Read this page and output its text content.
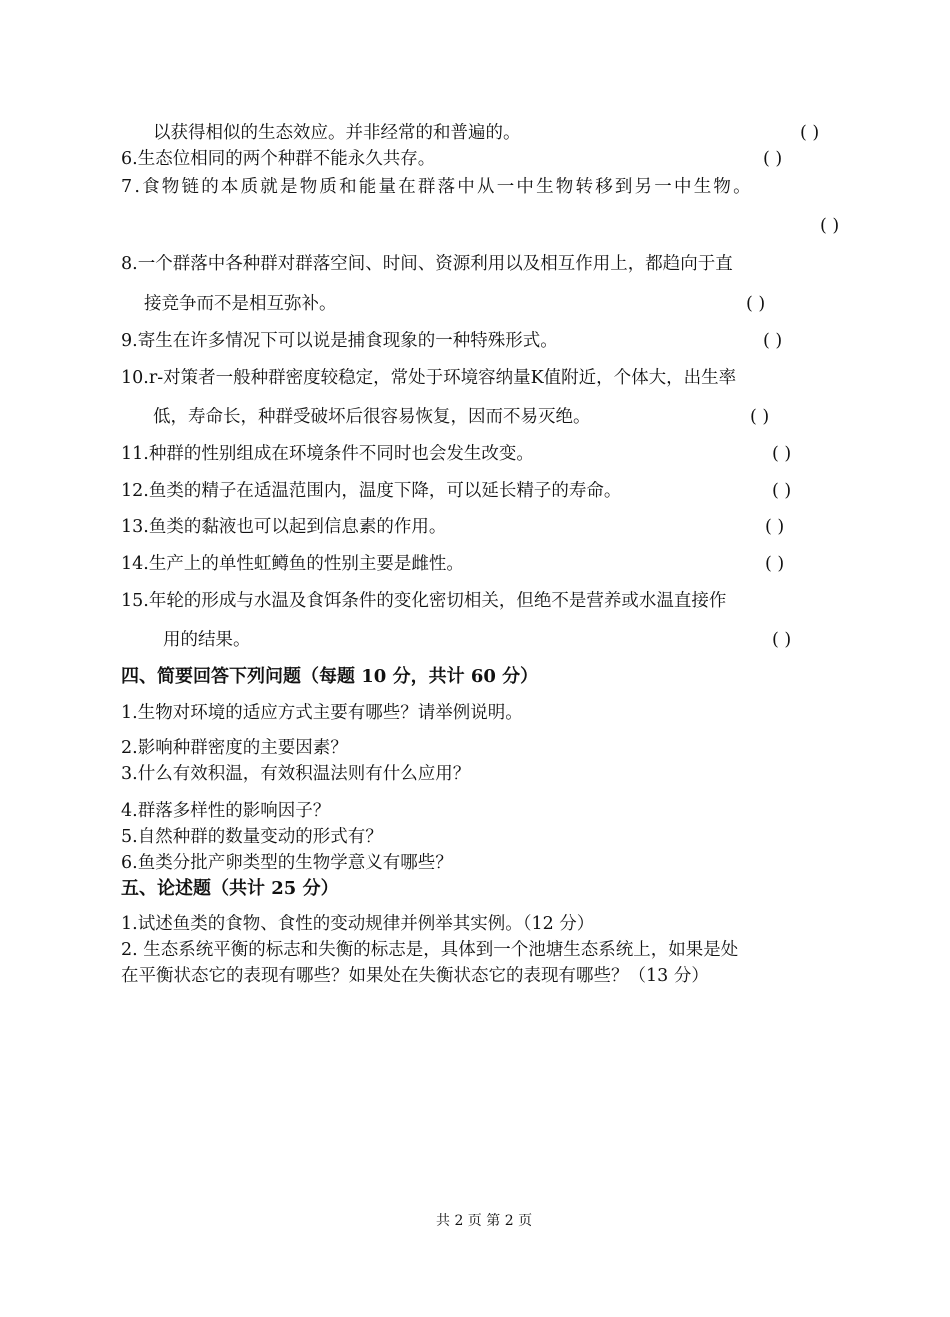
以获得相似的生态效应。并非经常的和普遍的。	( )
6.生态位相同的两个种群不能永久共存。	( )
7.食物链的本质就是物质和能量在群落中从一中生物转移到另一中生物。
( )
8.一个群落中各种群对群落空间、时间、资源利用以及相互作用上，都趋向于直
接竞争而不是相互弥补。	( )
9.寄生在许多情况下可以说是捕食现象的一种特殊形式。	( )
10.r-对策者一般种群密度较稳定，常处于环境容纳量K值附近，个体大，出生率
低，寿命长，种群受破坏后很容易恢复，因而不易灭绝。	( )
11.种群的性别组成在环境条件不同时也会发生改变。	( )
12.鱼类的精子在适温范围内，温度下降，可以延长精子的寿命。	( )
13.鱼类的黏液也可以起到信息素的作用。	( )
14.生产上的单性虹鳟鱼的性别主要是雌性。	( )
15.年轮的形成与水温及食饵条件的变化密切相关，但绝不是营养或水温直接作
用的结果。	( )
四、简要回答下列问题（每题 10 分，共计 60 分）
1.生物对环境的适应方式主要有哪些？请举例说明。
2.影响种群密度的主要因素？
3.什么有效积温，有效积温法则有什么应用？
4.群落多样性的影响因子？
5.自然种群的数量变动的形式有？
6.鱼类分批产卵类型的生物学意义有哪些？
五、论述题（共计 25 分）
1.试述鱼类的食物、食性的变动规律并例举其实例。（12 分）
2. 生态系统平衡的标志和失衡的标志是，具体到一个池塘生态系统上，如果是处
在平衡状态它的表现有哪些？如果处在失衡状态它的表现有哪些？（13 分）
共 2 页 第 2 页
